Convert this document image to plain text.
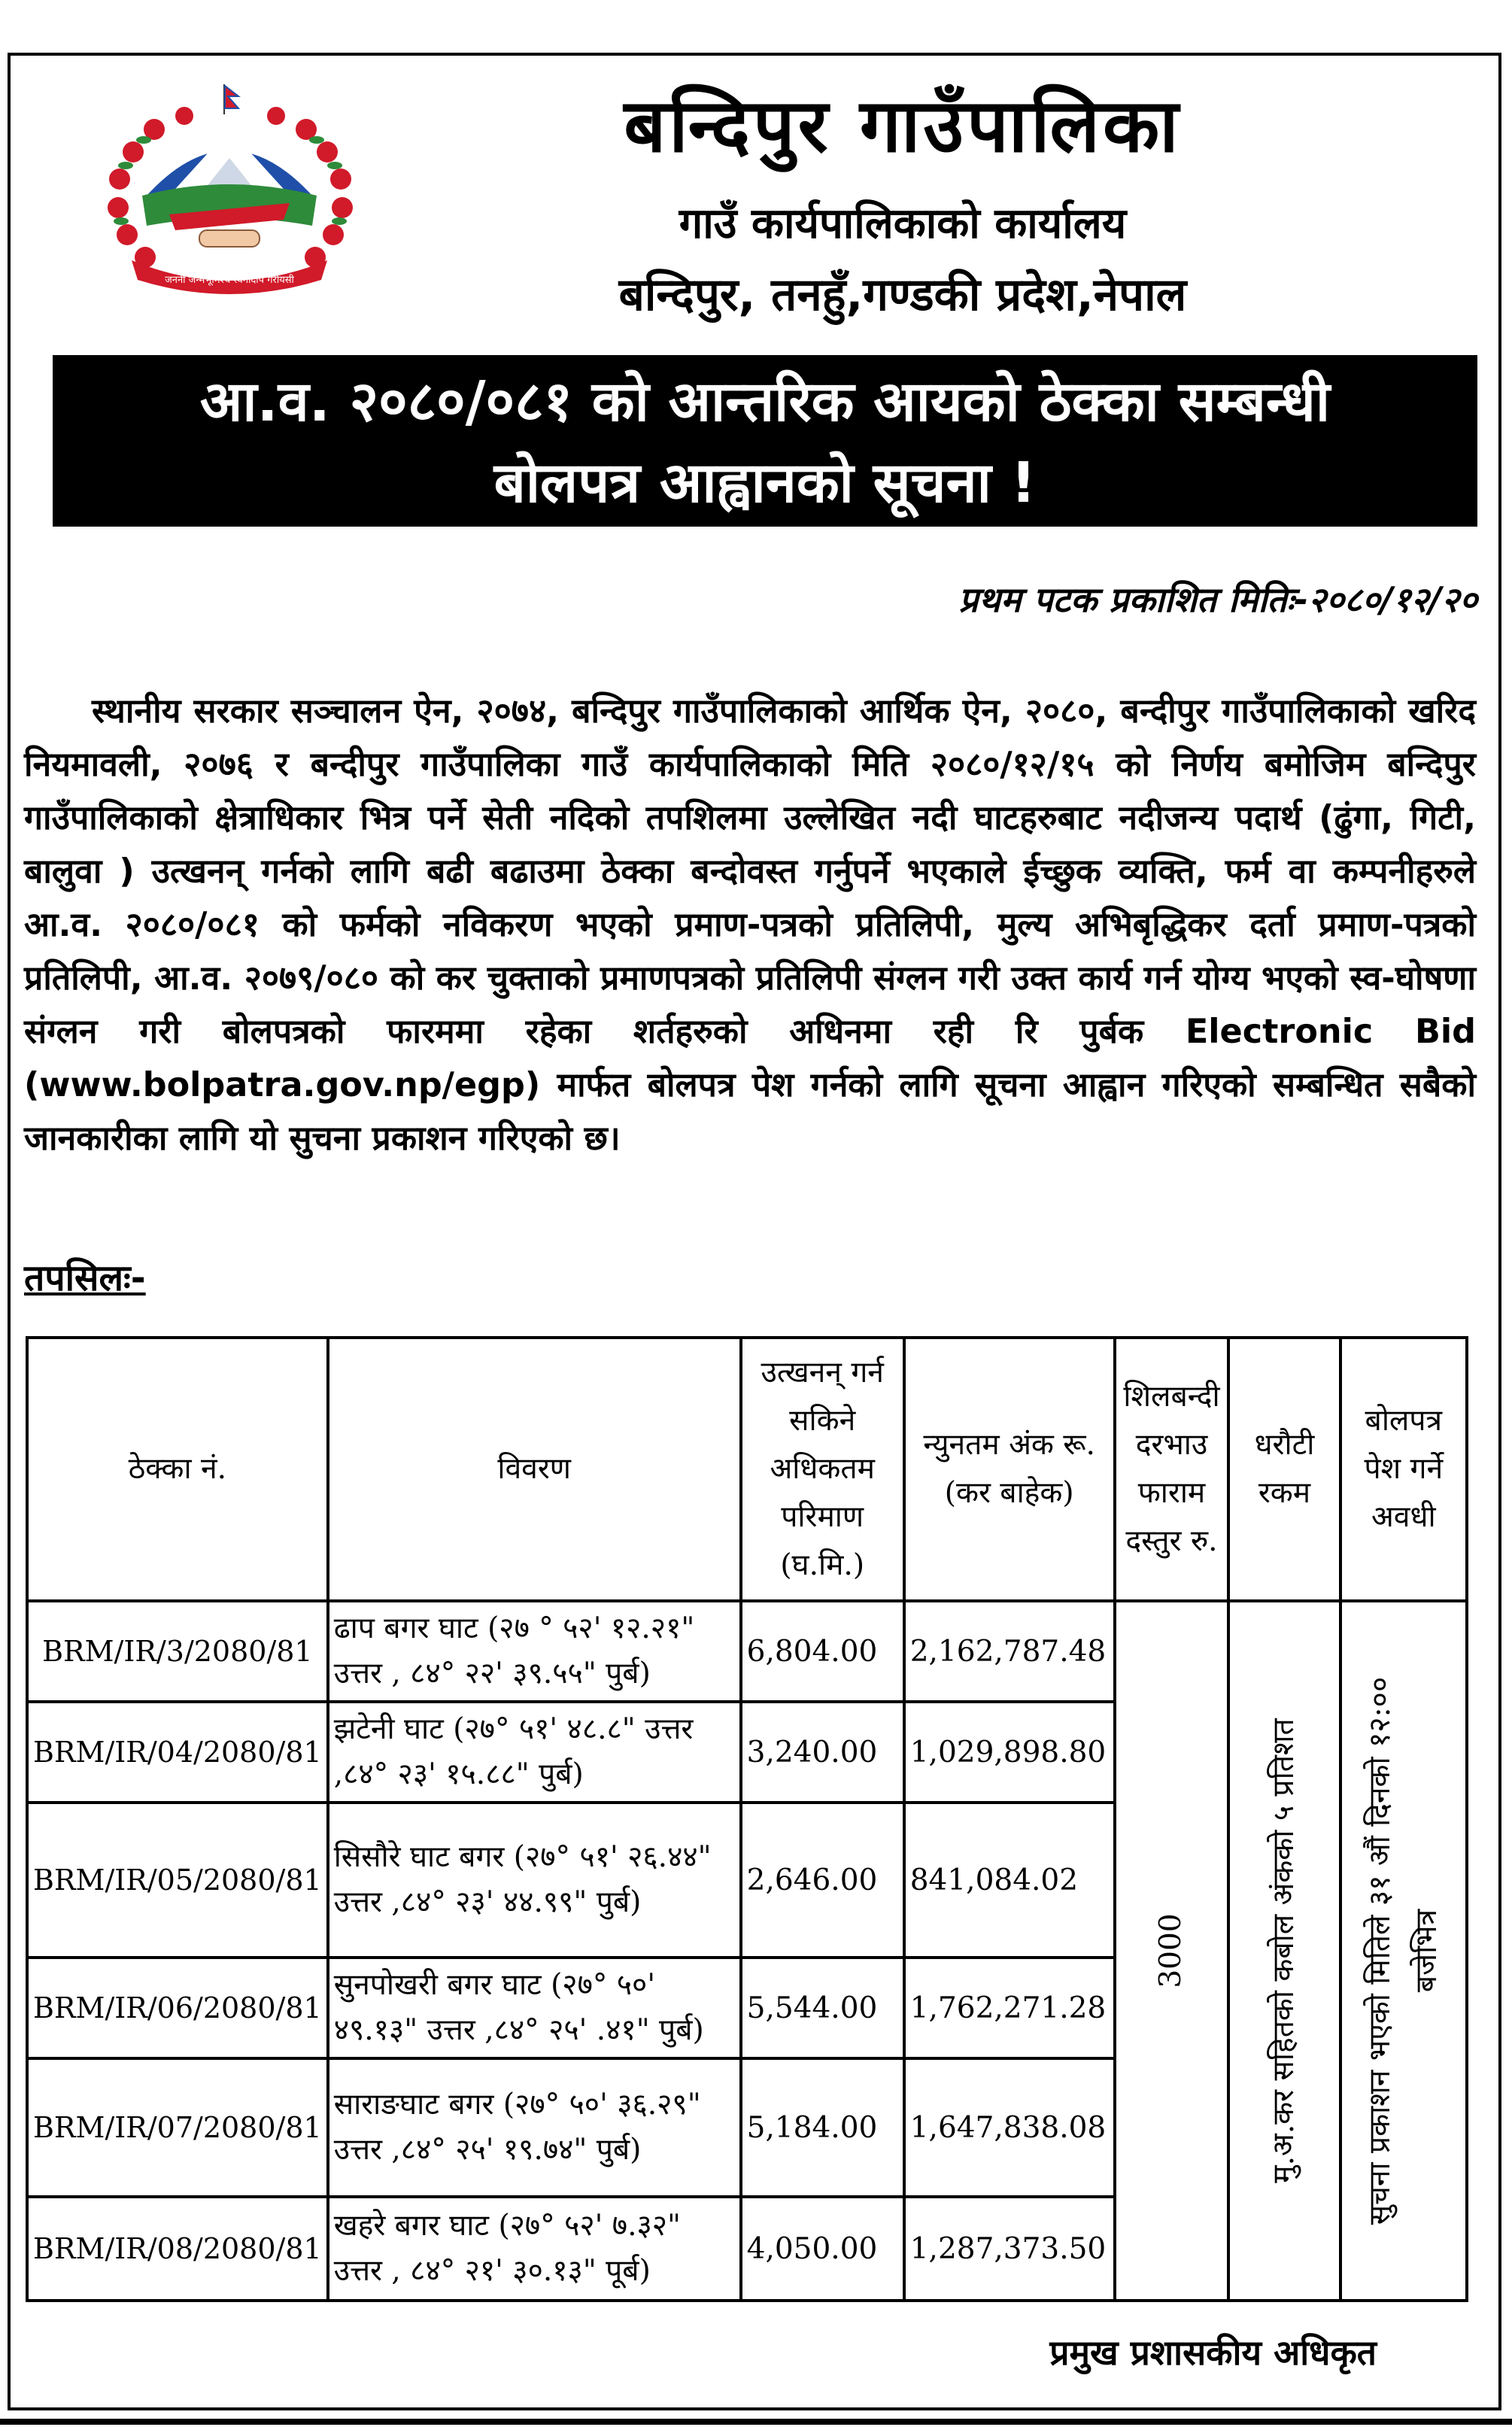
जननी जन्मभूमिश्च स्वर्गादपि गरीयसी
बन्दिपुर गाउँपालिका
गाउँ कार्यपालिकाको कार्यालय
बन्दिपुर, तनहुँ,गण्डकी प्रदेश,नेपाल
आ.व. २०८०/०८१ को आन्तरिक आयको ठेक्का सम्बन्धी
बोलपत्र आह्वानको सूचना !
प्रथम पटक प्रकाशित मितिः-२०८०/१२/२०
स्थानीय सरकार सञ्चालन ऐन, २०७४, बन्दिपुर गाउँपालिकाको आर्थिक ऐन, २०८०, बन्दीपुर गाउँपालिकाको खरिद नियमावली, २०७६ र बन्दीपुर गाउँपालिका गाउँ कार्यपालिकाको मिति २०८०/१२/१५ को निर्णय बमोजिम बन्दिपुर गाउँपालिकाको क्षेत्राधिकार भित्र पर्ने सेती नदिको तपशिलमा उल्लेखित नदी घाटहरुबाट नदीजन्य पदार्थ (ढुंगा, गिटी, बालुवा ) उत्खनन् गर्नको लागि बढी बढाउमा ठेक्का बन्दोवस्त गर्नुपर्ने भएकाले ईच्छुक व्यक्ति, फर्म वा कम्पनीहरुले आ.व. २०८०/०८१ को फर्मको नविकरण भएको प्रमाण-पत्रको प्रतिलिपी, मुल्य अभिबृद्धिकर दर्ता प्रमाण-पत्रको प्रतिलिपी, आ.व. २०७९/०८० को कर चुक्ताको प्रमाणपत्रको प्रतिलिपी संग्लन गरी उक्त कार्य गर्न योग्य भएको स्व-घोषणा संग्लन गरी बोलपत्रको फारममा रहेका शर्तहरुको अधिनमा रही रि पुर्बक Electronic Bid (www.bolpatra.gov.np/egp) मार्फत बोलपत्र पेश गर्नको लागि सूचना आह्वान गरिएको सम्बन्धित सबैको जानकारीका लागि यो सुचना प्रकाशन गरिएको छ।
तपसिलः-
ठेक्का नं.	विवरण	उत्खनन् गर्न सकिने अधिकतम परिमाण (घ.मि.)	न्युनतम अंक रू. (कर बाहेक)	शिलबन्दी दरभाउ फाराम दस्तुर रु.	धरौटी रकम	बोलपत्र पेश गर्ने अवधी
BRM/IR/3/2080/81	ढाप बगर घाट (२७ ° ५२' १२.२१" उत्तर , ८४° २२' ३९.५५" पुर्ब)	6,804.00	2,162,787.48	3000	मु.अ.कर सहितको कबोल अंकको ५ प्रतिशत	सुचना प्रकाशन भएको मितिले ३१ औं दिनको १२:०० बजेभित्र

BRM/IR/04/2080/81	झटेनी घाट (२७° ५१' ४८.८" उत्तर ,८४° २३' १५.८८" पुर्ब)	3,240.00	1,029,898.80			
BRM/IR/05/2080/81	सिसौरे घाट बगर (२७° ५१' २६.४४" उत्तर ,८४° २३' ४४.९९" पुर्ब)	2,646.00	841,084.02			
BRM/IR/06/2080/81	सुनपोखरी बगर घाट (२७° ५०' ४९.१३" उत्तर ,८४° २५' .४१" पुर्ब)	5,544.00	1,762,271.28			
BRM/IR/07/2080/81	साराङघाट बगर (२७° ५०' ३६.२९" उत्तर ,८४° २५' १९.७४" पुर्ब)	5,184.00	1,647,838.08			
BRM/IR/08/2080/81	खहरे बगर घाट (२७° ५२' ७.३२" उत्तर , ८४° २१' ३०.१३" पूर्ब)	4,050.00	1,287,373.50			
प्रमुख प्रशासकीय अधिकृत
